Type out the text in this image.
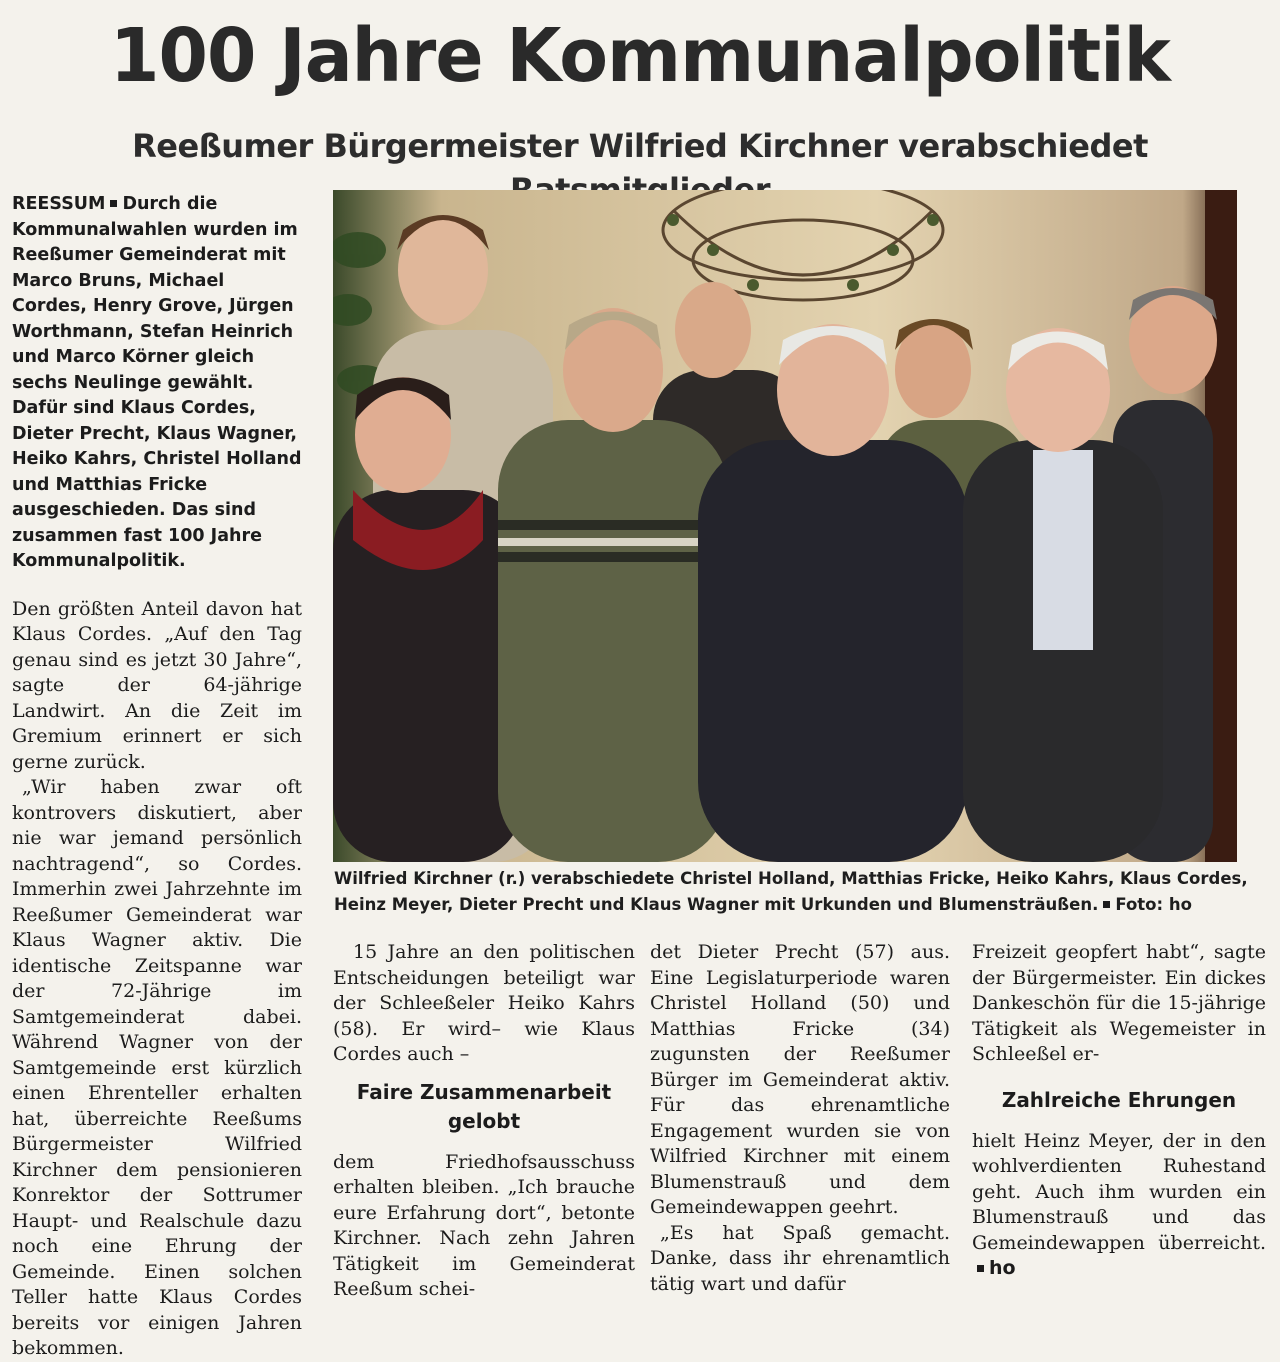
100 Jahre Kommunalpolitik
Reeßumer Bürgermeister Wilfried Kirchner verabschiedet
REESSUM Durch die Kommunalwahlen wurden im Reeßumer Gemeinderat mit Marco Bruns, Michael Cordes, Henry Grove, Jürgen Worthmann, Stefan Heinrich und Marco Körner gleich sechs Neulinge gewählt. Dafür sind Klaus Cordes, Dieter Precht, Klaus Wagner, Heiko Kahrs, Christel Holland und Matthias Fricke ausgeschieden. Das sind zusammen fast 100 Jahre Kommunalpolitik.

Den größten Anteil davon hat Klaus Cordes. „Auf den Tag genau sind es jetzt 30 Jahre“, sagte der 64-jährige Landwirt. An die Zeit im Gremium erinnert er sich gerne zurück.

„Wir haben zwar oft kontrovers diskutiert, aber nie war jemand persönlich nachtragend“, so Cordes. Immerhin zwei Jahrzehnte im Reeßumer Gemeinderat war Klaus Wagner aktiv. Die identische Zeitspanne war der 72-Jährige im Samtgemeinderat dabei. Während Wagner von der Samtgemeinde erst kürzlich einen Ehrenteller erhalten hat, überreichte Reeßums Bürgermeister Wilfried Kirchner dem pensionieren Konrektor der Sottrumer Haupt- und Realschule dazu noch eine Ehrung der Gemeinde. Einen solchen Teller hatte Klaus Cordes bereits vor einigen Jahren bekommen.

Wilfried Kirchner (r.) verabschiedete Christel Holland, Matthias Fricke, Heiko Kahrs, Klaus Cordes, Heinz Meyer, Dieter Precht und Klaus Wagner mit Urkunden und Blumensträußen. Foto: ho

15 Jahre an den politischen Entscheidungen beteiligt war der Schleeßeler Heiko Kahrs (58). Er wird– wie Klaus Cordes auch –

Faire Zusammenarbeit gelobt

dem Friedhofsausschuss erhalten bleiben. „Ich brauche eure Erfahrung dort“, betonte Kirchner. Nach zehn Jahren Tätigkeit im Gemeinderat Reeßum schei-

det Dieter Precht (57) aus. Eine Legislaturperiode waren Christel Holland (50) und Matthias Fricke (34) zugunsten der Reeßumer Bürger im Gemeinderat aktiv. Für das ehrenamtliche Engagement wurden sie von Wilfried Kirchner mit einem Blumenstrauß und dem Gemeindewappen geehrt.

„Es hat Spaß gemacht. Danke, dass ihr ehrenamtlich tätig wart und dafür

Freizeit geopfert habt“, sagte der Bürgermeister. Ein dickes Dankeschön für die 15-jährige Tätigkeit als Wegemeister in Schleeßel er-

Zahlreiche Ehrungen

hielt Heinz Meyer, der in den wohlverdienten Ruhestand geht. Auch ihm wurden ein Blumenstrauß und das Gemeindewappen überreicht.ho
